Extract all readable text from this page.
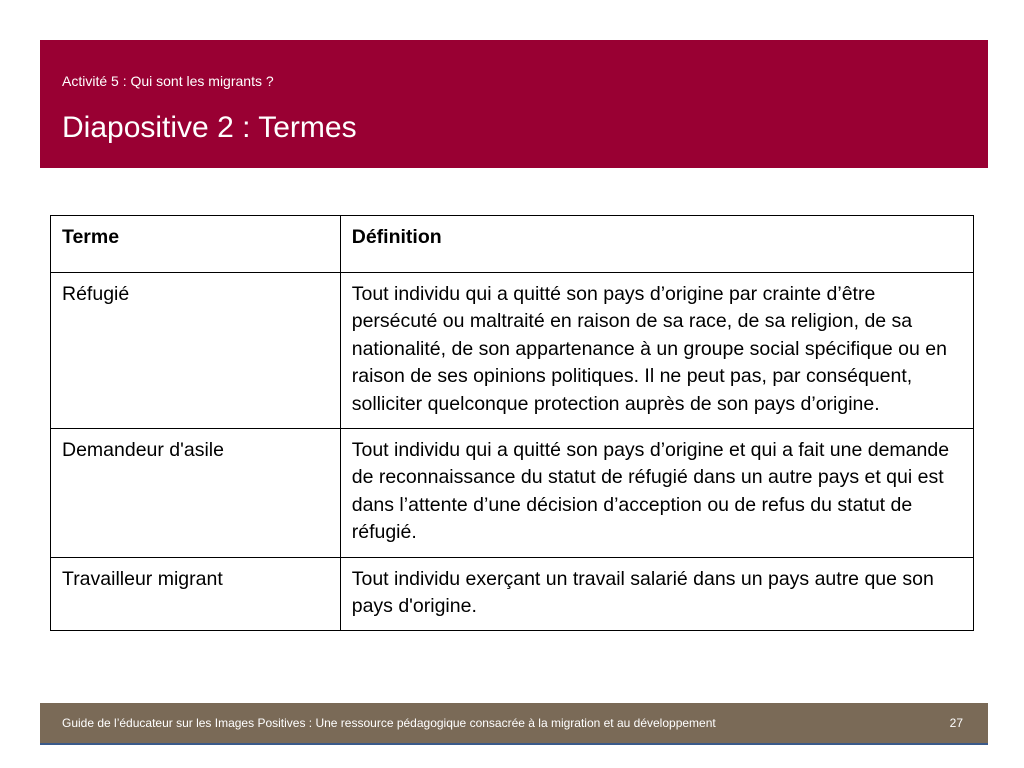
Activité 5 : Qui sont les migrants ?
Diapositive 2 : Termes
Terme	Définition
Réfugié	Tout individu qui a quitté son pays d’origine par crainte d’être persécuté ou maltraité en raison de sa race, de sa religion, de sa nationalité, de son appartenance à un groupe social spécifique ou en raison de ses opinions politiques. Il ne peut pas, par conséquent, solliciter quelconque protection auprès de son pays d’origine.
Demandeur d'asile	Tout individu qui a quitté son pays d’origine et qui a fait une demande de reconnaissance du statut de réfugié dans un autre pays et qui est dans l’attente d’une décision d’acception ou de refus du statut de réfugié.
Travailleur migrant	Tout individu exerçant un travail salarié dans un pays autre que son pays d'origine.
Guide de l’éducateur sur les Images Positives : Une ressource pédagogique consacrée à la migration et au développement	27
